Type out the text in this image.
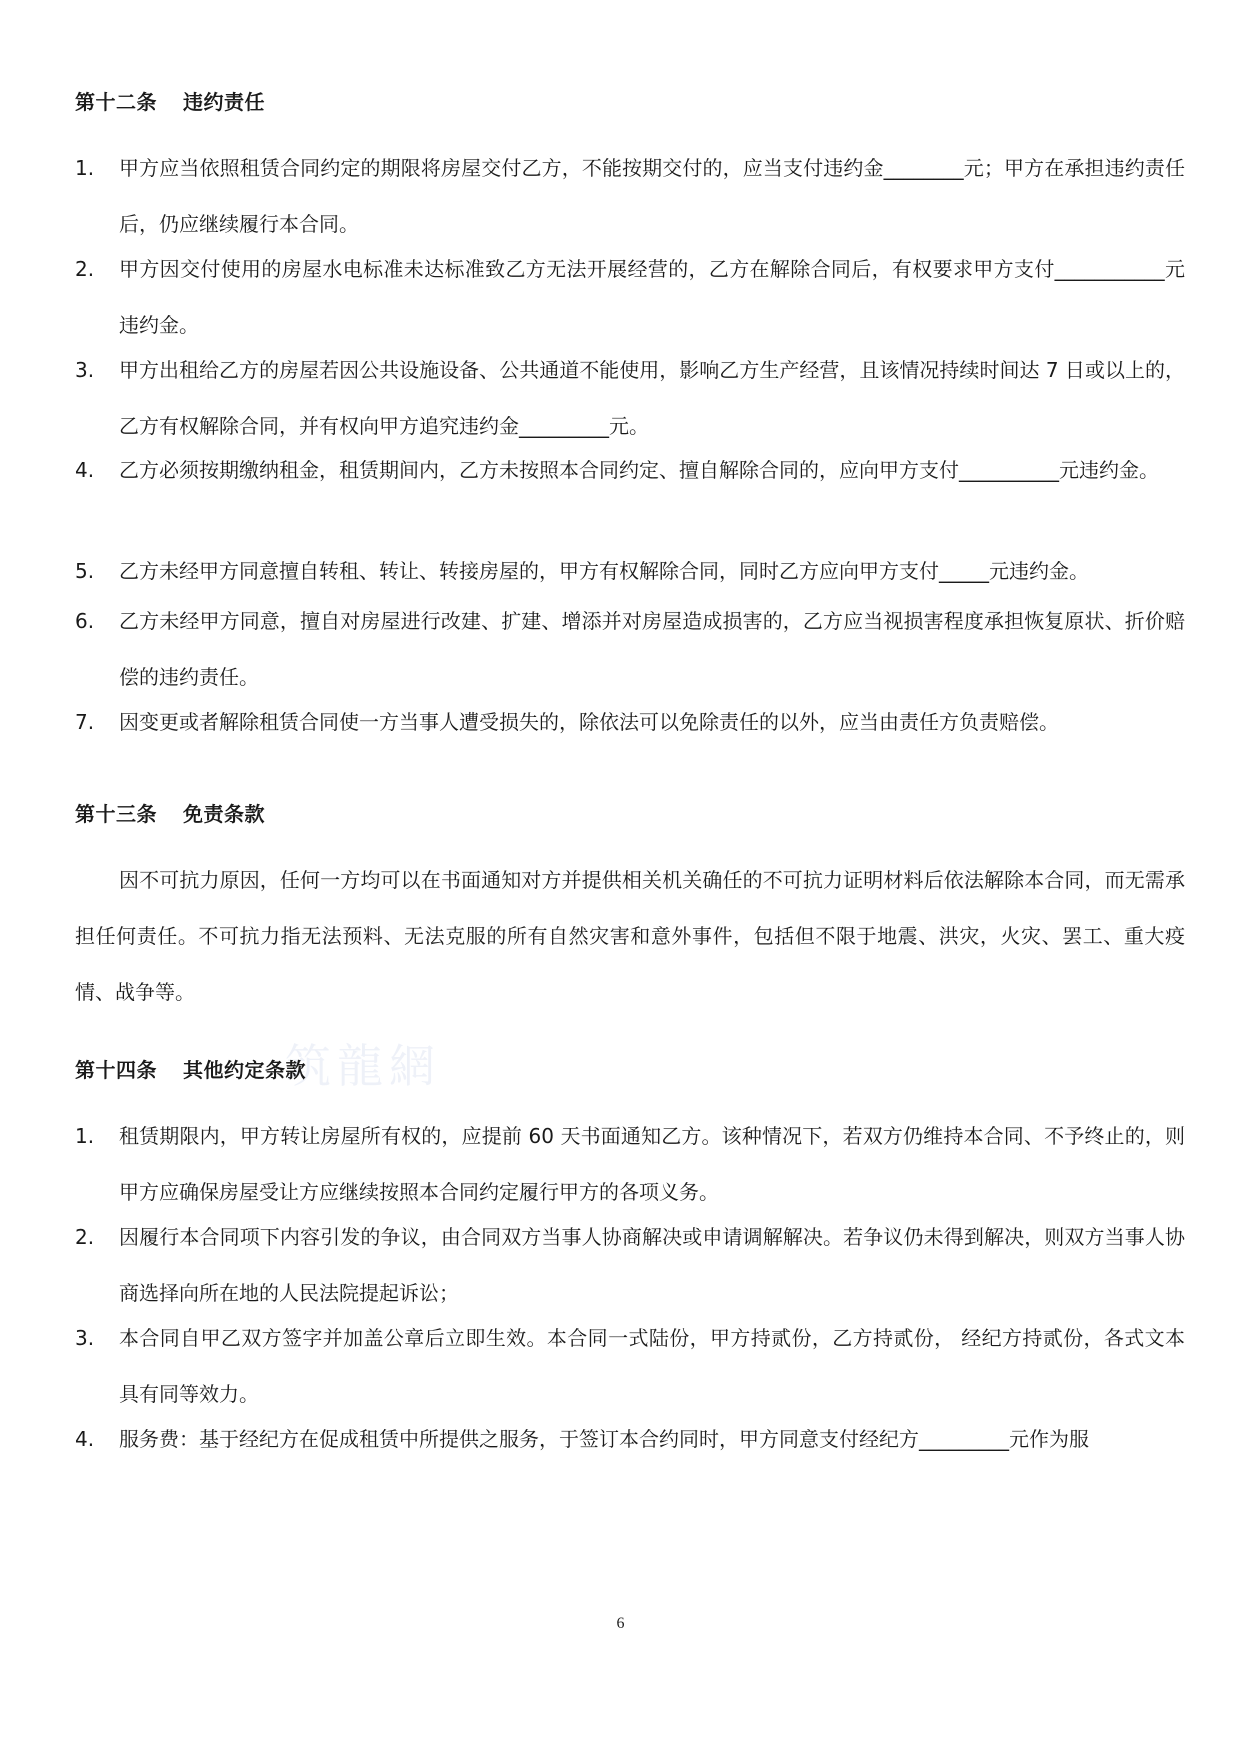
第十二条 违约责任
1.	甲方应当依照租赁合同约定的期限将房屋交付乙方，不能按期交付的，应当支付违约金________元；甲方在承担违约责任后，仍应继续履行本合同。
2.	甲方因交付使用的房屋水电标准未达标准致乙方无法开展经营的，乙方在解除合同后，有权要求甲方支付___________元违约金。
3.	甲方出租给乙方的房屋若因公共设施设备、公共通道不能使用，影响乙方生产经营，且该情况持续时间达 7 日或以上的，乙方有权解除合同，并有权向甲方追究违约金_________元。
4.	乙方必须按期缴纳租金，租赁期间内，乙方未按照本合同约定、擅自解除合同的，应向甲方支付__________元违约金。
5.	乙方未经甲方同意擅自转租、转让、转接房屋的，甲方有权解除合同，同时乙方应向甲方支付_____元违约金。
6.	乙方未经甲方同意，擅自对房屋进行改建、扩建、增添并对房屋造成损害的，乙方应当视损害程度承担恢复原状、折价赔偿的违约责任。
7.	因变更或者解除租赁合同使一方当事人遭受损失的，除依法可以免除责任的以外，应当由责任方负责赔偿。
第十三条 免责条款
因不可抗力原因，任何一方均可以在书面通知对方并提供相关机关确任的不可抗力证明材料后依法解除本合同，而无需承担任何责任。不可抗力指无法预料、无法克服的所有自然灾害和意外事件，包括但不限于地震、洪灾，火灾、罢工、重大疫情、战争等。
筑龍網
第十四条 其他约定条款
1.	租赁期限内，甲方转让房屋所有权的，应提前 60 天书面通知乙方。该种情况下，若双方仍维持本合同、不予终止的，则甲方应确保房屋受让方应继续按照本合同约定履行甲方的各项义务。
2.	因履行本合同项下内容引发的争议，由合同双方当事人协商解决或申请调解解决。若争议仍未得到解决，则双方当事人协商选择向所在地的人民法院提起诉讼；
3.	本合同自甲乙双方签字并加盖公章后立即生效。本合同一式陆份，甲方持贰份，乙方持贰份， 经纪方持贰份，各式文本具有同等效力。
4.	服务费：基于经纪方在促成租赁中所提供之服务，于签订本合约同时，甲方同意支付经纪方_________元作为服
6
